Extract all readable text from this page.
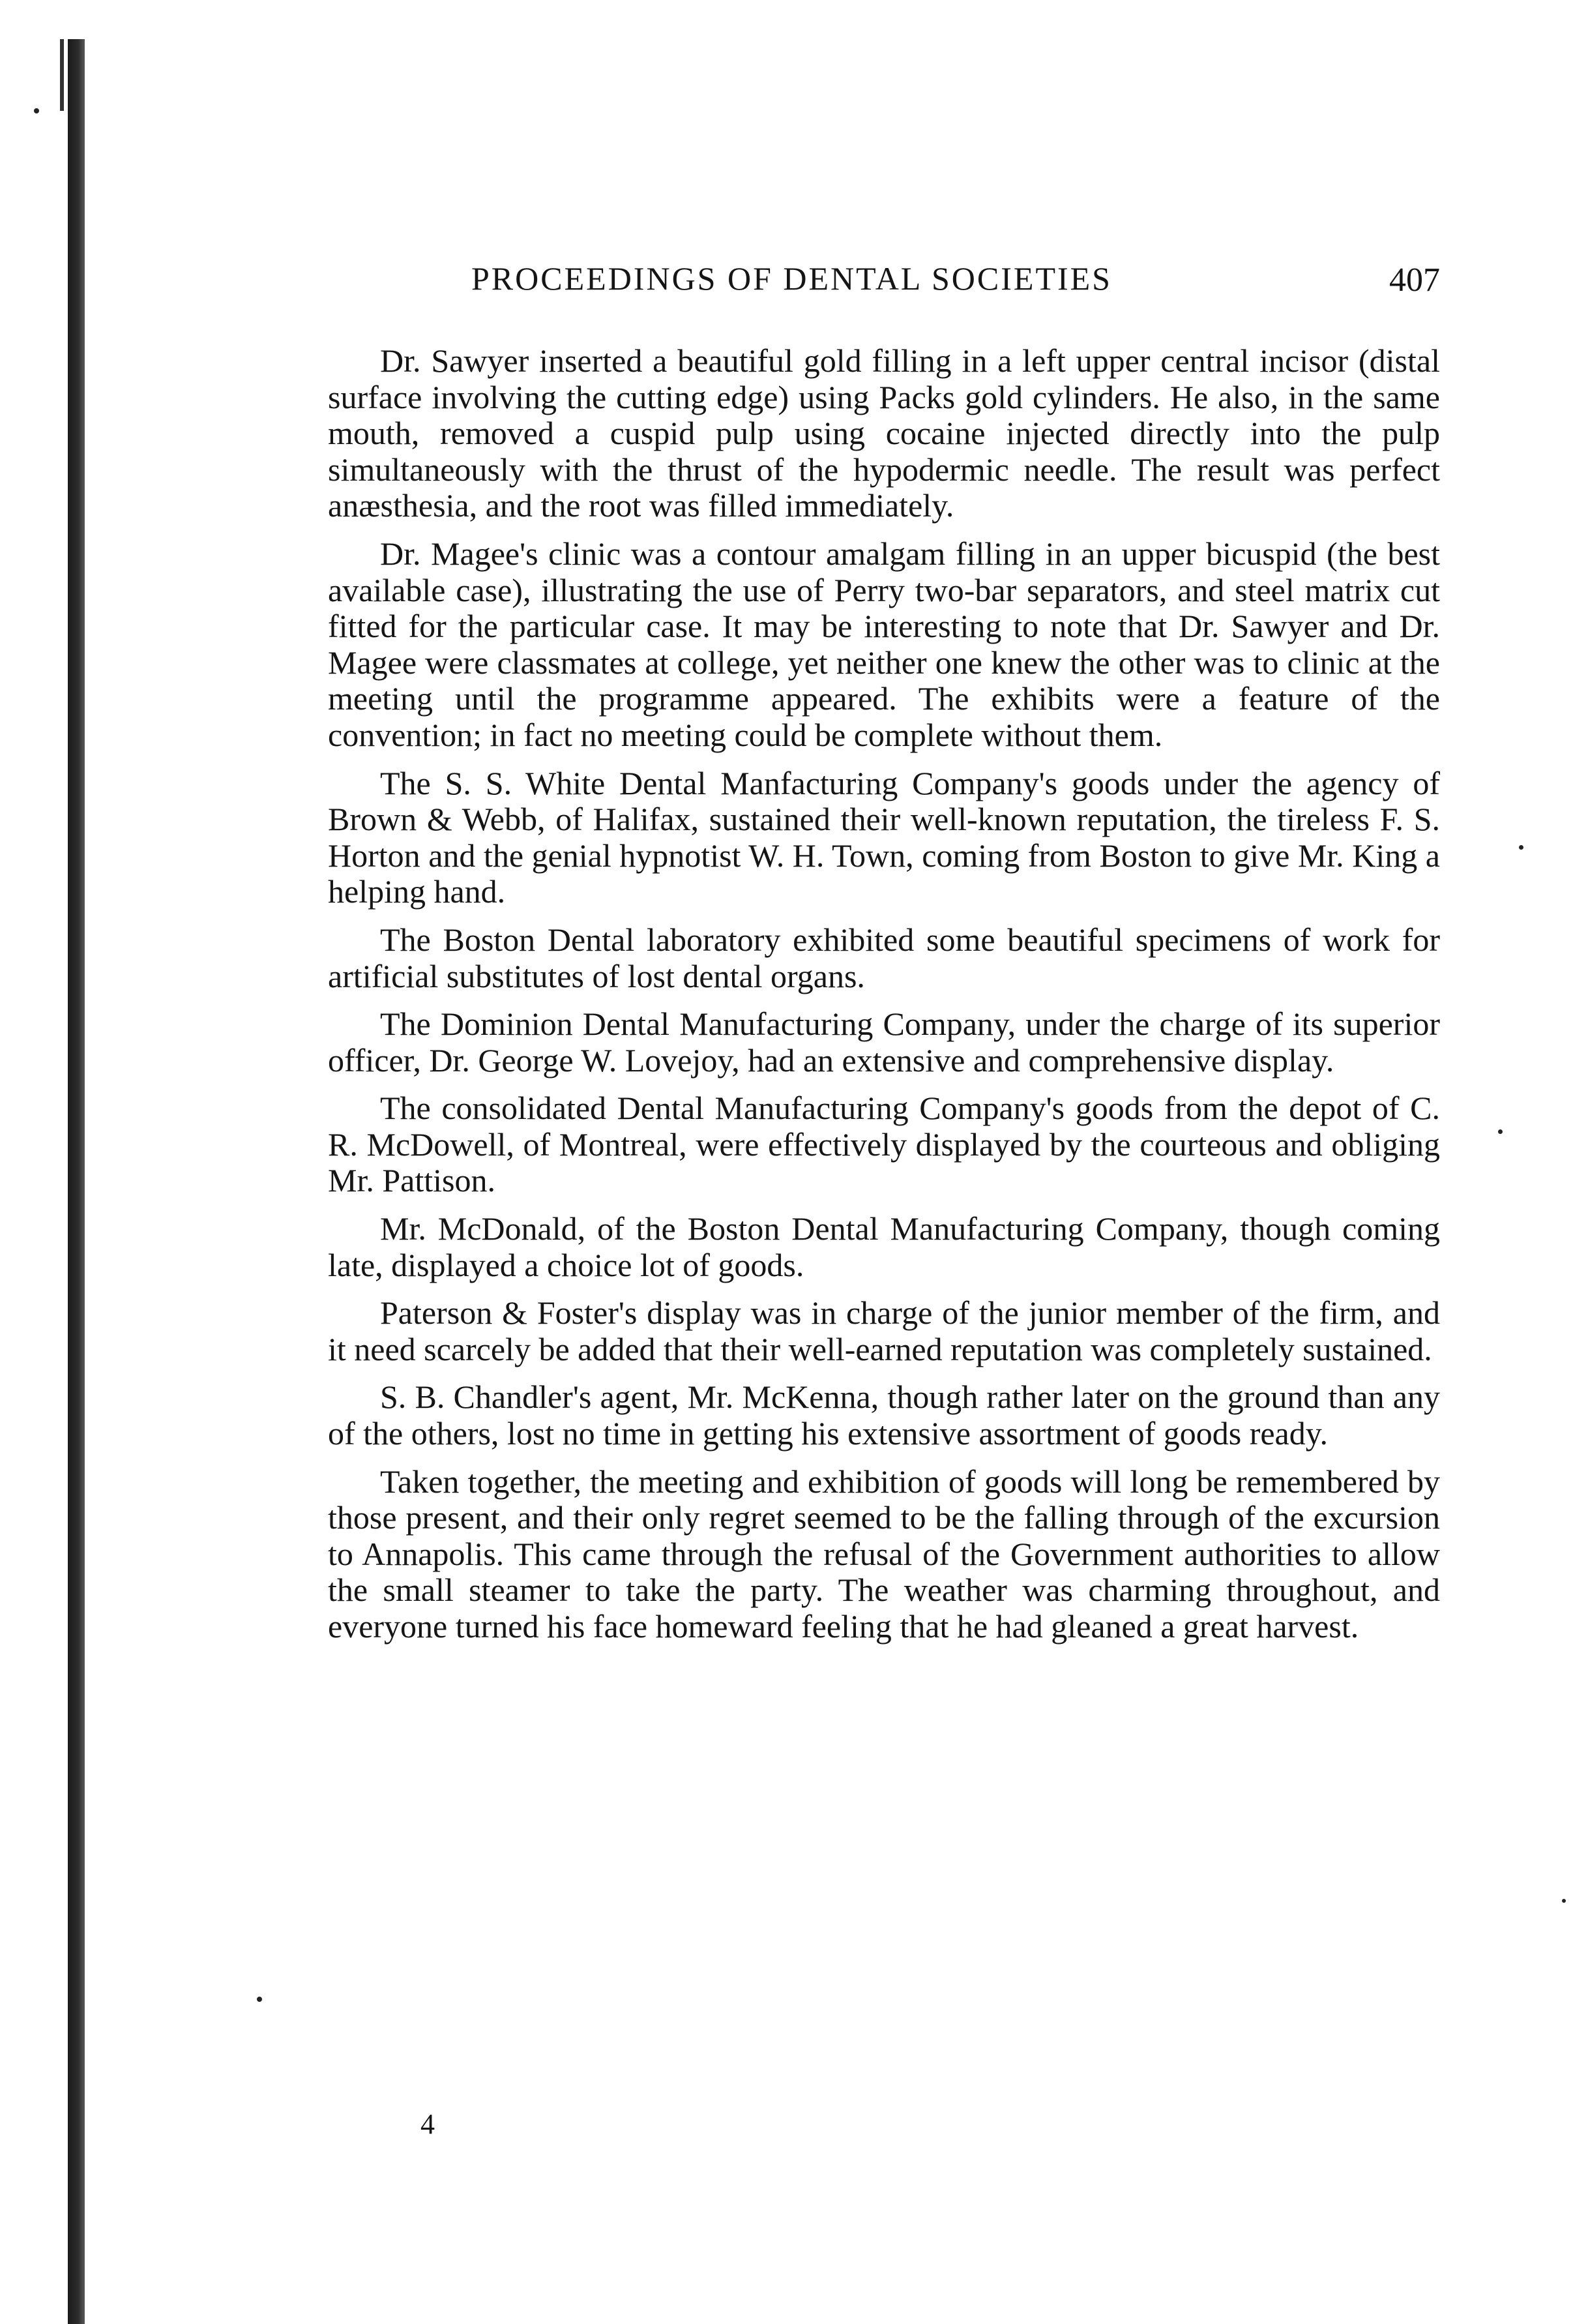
PROCEEDINGS OF DENTAL SOCIETIES	407

Dr. Sawyer inserted a beautiful gold filling in a left upper central incisor (distal surface involving the cutting edge) using Packs gold cylinders. He also, in the same mouth, removed a cuspid pulp using cocaine injected directly into the pulp simultaneously with the thrust of the hypodermic needle. The result was perfect anæsthesia, and the root was filled immediately.

Dr. Magee's clinic was a contour amalgam filling in an upper bicuspid (the best available case), illustrating the use of Perry two-bar separators, and steel matrix cut fitted for the particular case. It may be interesting to note that Dr. Sawyer and Dr. Magee were classmates at college, yet neither one knew the other was to clinic at the meeting until the programme appeared. The exhibits were a feature of the convention; in fact no meeting could be complete without them.

The S. S. White Dental Manfacturing Company's goods under the agency of Brown & Webb, of Halifax, sustained their well-known reputation, the tireless F. S. Horton and the genial hypnotist W. H. Town, coming from Boston to give Mr. King a helping hand.

The Boston Dental laboratory exhibited some beautiful specimens of work for artificial substitutes of lost dental organs.

The Dominion Dental Manufacturing Company, under the charge of its superior officer, Dr. George W. Lovejoy, had an extensive and comprehensive display.

The consolidated Dental Manufacturing Company's goods from the depot of C. R. McDowell, of Montreal, were effectively displayed by the courteous and obliging Mr. Pattison.

Mr. McDonald, of the Boston Dental Manufacturing Company, though coming late, displayed a choice lot of goods.

Paterson & Foster's display was in charge of the junior member of the firm, and it need scarcely be added that their well-earned reputation was completely sustained.

S. B. Chandler's agent, Mr. McKenna, though rather later on the ground than any of the others, lost no time in getting his extensive assortment of goods ready.

Taken together, the meeting and exhibition of goods will long be remembered by those present, and their only regret seemed to be the falling through of the excursion to Annapolis. This came through the refusal of the Government authorities to allow the small steamer to take the party. The weather was charming throughout, and everyone turned his face homeward feeling that he had gleaned a great harvest.

4
